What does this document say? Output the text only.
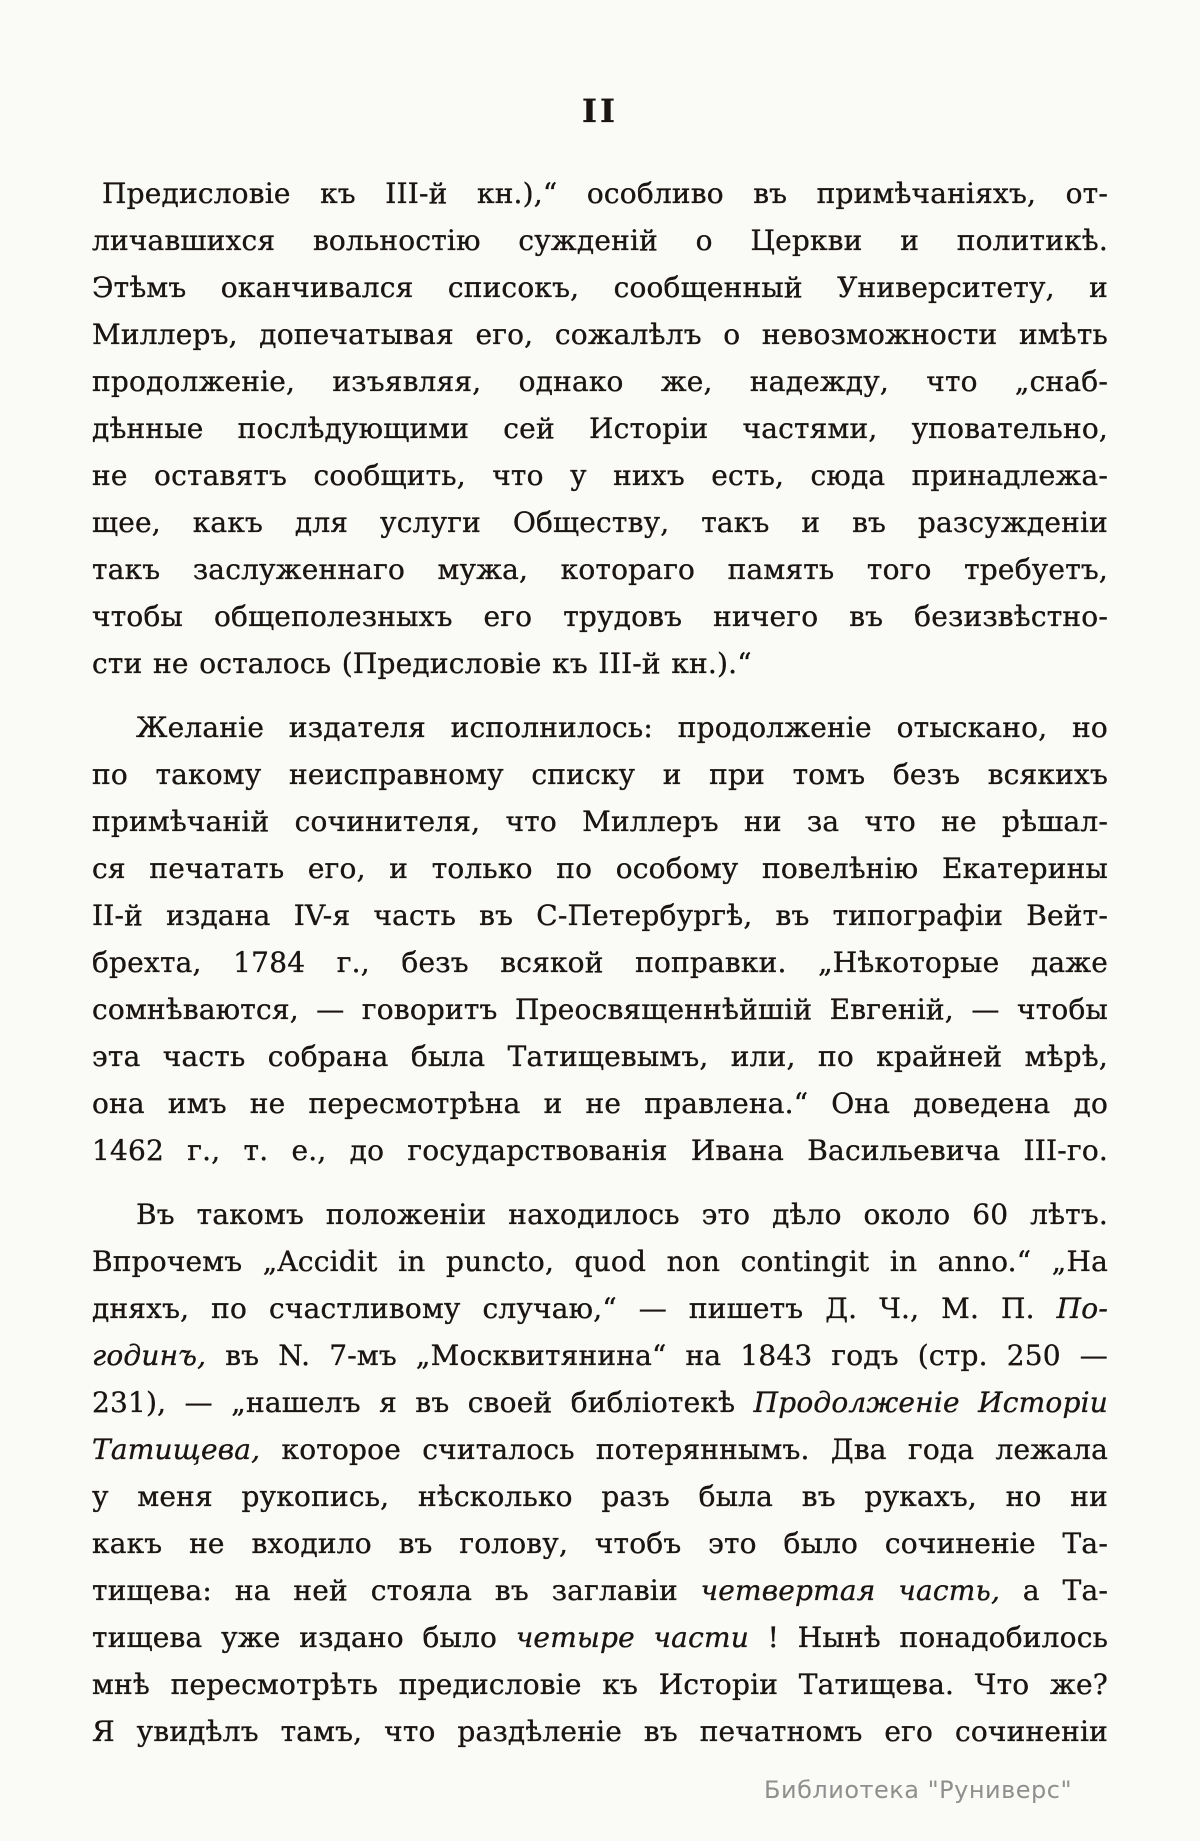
II
Предисловіе къ III-й кн.),“ особливо въ примѣчаніяхъ, от-
личавшихся вольностію сужденій о Церкви и политикѣ.
Этѣмъ оканчивался списокъ, сообщенный Университету, и
Миллеръ, допечатывая его, сожалѣлъ о невозможности имѣть
продолженіе, изъявляя, однако же, надежду, что „снаб-
дѣнные послѣдующими сей Исторіи частями, уповательно,
не оставятъ сообщить, что у нихъ есть, сюда принадлежа-
щее, какъ для услуги Обществу, такъ и въ разсужденіи
такъ заслуженнаго мужа, котораго память того требуетъ,
чтобы общеполезныхъ его трудовъ ничего въ безизвѣстно-
сти не осталось (Предисловіе къ III-й кн.).“
Желаніе издателя исполнилось: продолженіе отыскано, но
по такому неисправному списку и при томъ безъ всякихъ
примѣчаній сочинителя, что Миллеръ ни за что не рѣшал-
ся печатать его, и только по особому повелѣнію Екатерины
II-й издана IV-я часть въ С-Петербургѣ, въ типографіи Вейт-
брехта, 1784 г., безъ всякой поправки. „Нѣкоторые даже
сомнѣваются, — говоритъ Преосвященнѣйшій Евгеній, — чтобы
эта часть собрана была Татищевымъ, или, по крайней мѣрѣ,
она имъ не пересмотрѣна и не правлена.“ Она доведена до
1462 г., т. е., до государствованія Ивана Васильевича III-го.
Въ такомъ положеніи находилось это дѣло около 60 лѣтъ.
Впрочемъ „Accidit in puncto, quod non contingit in anno.“ „На
дняхъ, по счастливому случаю,“ — пишетъ Д. Ч., М. П. По-
годинъ, въ N. 7-мъ „Москвитянина“ на 1843 годъ (стр. 250 —
231), — „нашелъ я въ своей библіотекѣ Продолженіе Исторіи
Татищева, которое считалось потеряннымъ. Два года лежала
у меня рукопись, нѣсколько разъ была въ рукахъ, но ни
какъ не входило въ голову, чтобъ это было сочиненіе Та-
тищева: на ней стояла въ заглавіи четвертая часть, а Та-
тищева уже издано было четыре части ! Нынѣ понадобилось
мнѣ пересмотрѣть предисловіе къ Исторіи Татищева. Что же?
Я увидѣлъ тамъ, что раздѣленіе въ печатномъ его сочиненіи
Библиотека "Руниверс"
